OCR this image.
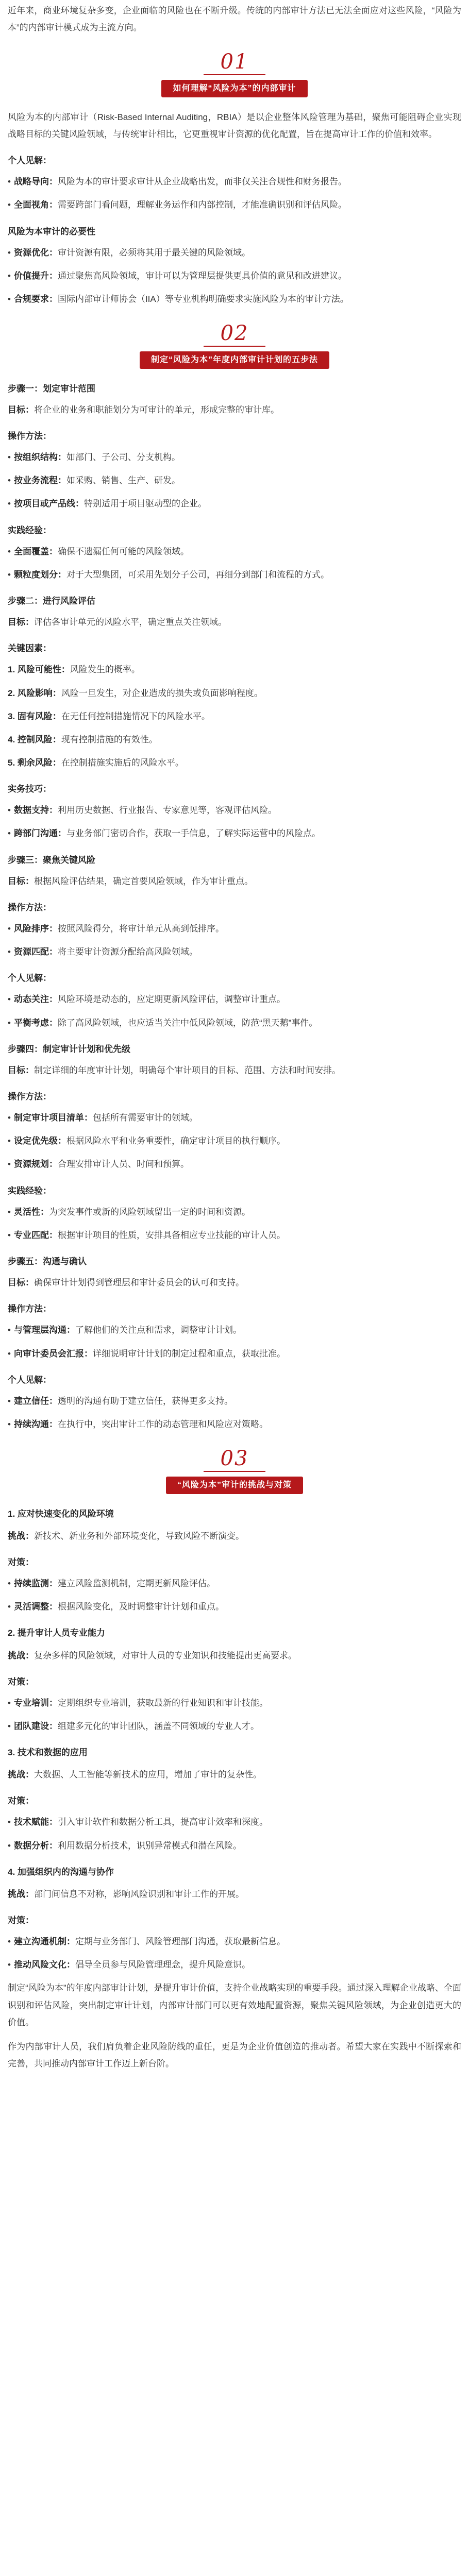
近年来，商业环境复杂多变，企业面临的风险也在不断升级。传统的内部审计方法已无法全面应对这些风险，“风险为本”的内部审计模式成为主流方向。

01
如何理解“风险为本”的内部审计

风险为本的内部审计（Risk-Based Internal Auditing，RBIA）是以企业整体风险管理为基础，聚焦可能阻碍企业实现战略目标的关键风险领域，与传统审计相比，它更重视审计资源的优化配置，旨在提高审计工作的价值和效率。

个人见解：

• 战略导向：风险为本的审计要求审计从企业战略出发，而非仅关注合规性和财务报告。

• 全面视角：需要跨部门看问题，理解业务运作和内部控制，才能准确识别和评估风险。

风险为本审计的必要性

• 资源优化：审计资源有限，必须将其用于最关键的风险领域。

• 价值提升：通过聚焦高风险领域，审计可以为管理层提供更具价值的意见和改进建议。

• 合规要求：国际内部审计师协会（IIA）等专业机构明确要求实施风险为本的审计方法。

02
制定“风险为本”年度内部审计计划的五步法
步骤一：划定审计范围

目标：将企业的业务和职能划分为可审计的单元，形成完整的审计库。

操作方法：

• 按组织结构：如部门、子公司、分支机构。

• 按业务流程：如采购、销售、生产、研发。

• 按项目或产品线：特别适用于项目驱动型的企业。

实践经验：

• 全面覆盖：确保不遗漏任何可能的风险领域。

• 颗粒度划分：对于大型集团，可采用先划分子公司，再细分到部门和流程的方式。

步骤二：进行风险评估

目标：评估各审计单元的风险水平，确定重点关注领域。

关键因素：

1. 风险可能性：风险发生的概率。

2. 风险影响：风险一旦发生，对企业造成的损失或负面影响程度。

3. 固有风险：在无任何控制措施情况下的风险水平。

4. 控制风险：现有控制措施的有效性。

5. 剩余风险：在控制措施实施后的风险水平。

实务技巧：

• 数据支持：利用历史数据、行业报告、专家意见等，客观评估风险。

• 跨部门沟通：与业务部门密切合作，获取一手信息，了解实际运营中的风险点。

步骤三：聚焦关键风险

目标：根据风险评估结果，确定首要风险领域，作为审计重点。

操作方法：

• 风险排序：按照风险得分，将审计单元从高到低排序。

• 资源匹配：将主要审计资源分配给高风险领域。

个人见解：

• 动态关注：风险环境是动态的，应定期更新风险评估，调整审计重点。

• 平衡考虑：除了高风险领域，也应适当关注中低风险领域，防范“黑天鹅”事件。

步骤四：制定审计计划和优先级

目标：制定详细的年度审计计划，明确每个审计项目的目标、范围、方法和时间安排。

操作方法：

• 制定审计项目清单：包括所有需要审计的领域。

• 设定优先级：根据风险水平和业务重要性，确定审计项目的执行顺序。

• 资源规划：合理安排审计人员、时间和预算。

实践经验：

• 灵活性：为突发事件或新的风险领域留出一定的时间和资源。

• 专业匹配：根据审计项目的性质，安排具备相应专业技能的审计人员。

步骤五：沟通与确认

目标：确保审计计划得到管理层和审计委员会的认可和支持。

操作方法：

• 与管理层沟通：了解他们的关注点和需求，调整审计计划。

• 向审计委员会汇报：详细说明审计计划的制定过程和重点，获取批准。

个人见解：

• 建立信任：透明的沟通有助于建立信任，获得更多支持。

• 持续沟通：在执行中，突出审计工作的动态管理和风险应对策略。

03
“风险为本”审计的挑战与对策
1. 应对快速变化的风险环境

挑战：新技术、新业务和外部环境变化，导致风险不断演变。

对策：

• 持续监测：建立风险监测机制，定期更新风险评估。

• 灵活调整：根据风险变化，及时调整审计计划和重点。

2. 提升审计人员专业能力

挑战：复杂多样的风险领域，对审计人员的专业知识和技能提出更高要求。

对策：

• 专业培训：定期组织专业培训，获取最新的行业知识和审计技能。

• 团队建设：组建多元化的审计团队，涵盖不同领域的专业人才。

3. 技术和数据的应用

挑战：大数据、人工智能等新技术的应用，增加了审计的复杂性。

对策：

• 技术赋能：引入审计软件和数据分析工具，提高审计效率和深度。

• 数据分析：利用数据分析技术，识别异常模式和潜在风险。

4. 加强组织内的沟通与协作

挑战：部门间信息不对称，影响风险识别和审计工作的开展。

对策：

• 建立沟通机制：定期与业务部门、风险管理部门沟通，获取最新信息。

• 推动风险文化：倡导全员参与风险管理理念，提升风险意识。

制定“风险为本”的年度内部审计计划，是提升审计价值，支持企业战略实现的重要手段。通过深入理解企业战略、全面识别和评估风险，突出制定审计计划，内部审计部门可以更有效地配置资源，聚焦关键风险领域，为企业创造更大的价值。

作为内部审计人员，我们肩负着企业风险防线的重任，更是为企业价值创造的推动者。希望大家在实践中不断探索和完善，共同推动内部审计工作迈上新台阶。
